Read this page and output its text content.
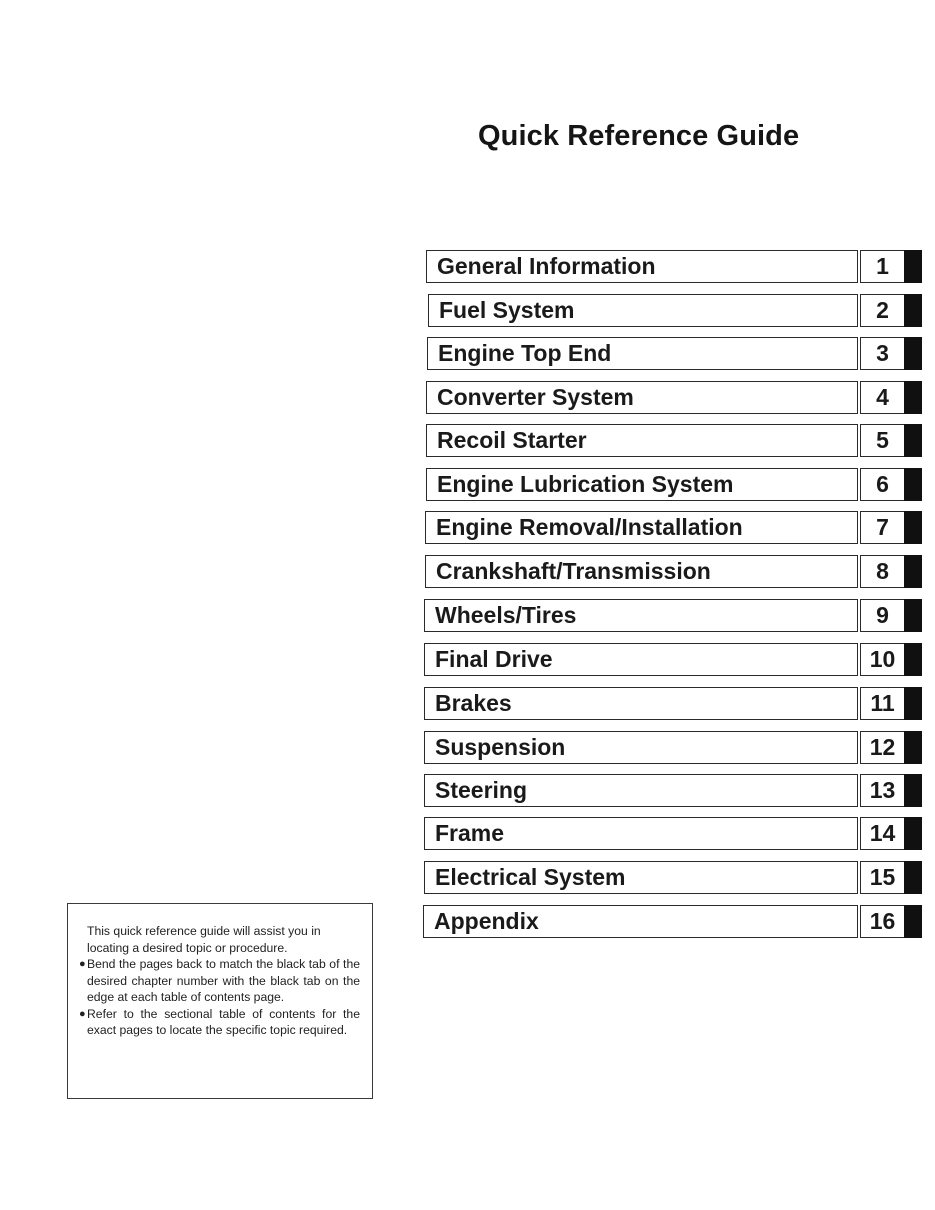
Quick Reference Guide
General Information	1
Fuel System	2
Engine Top End	3
Converter System	4
Recoil Starter	5
Engine Lubrication System	6
Engine Removal/Installation	7
Crankshaft/Transmission	8
Wheels/Tires	9
Final Drive	10
Brakes	11
Suspension	12
Steering	13
Frame	14
Electrical System	15
Appendix	16
This quick reference guide will assist you in locating a desired topic or procedure.
● Bend the pages back to match the black tab of the desired chapter number with the black tab on the edge at each table of contents page.
● Refer to the sectional table of contents for the exact pages to locate the specific topic required.
